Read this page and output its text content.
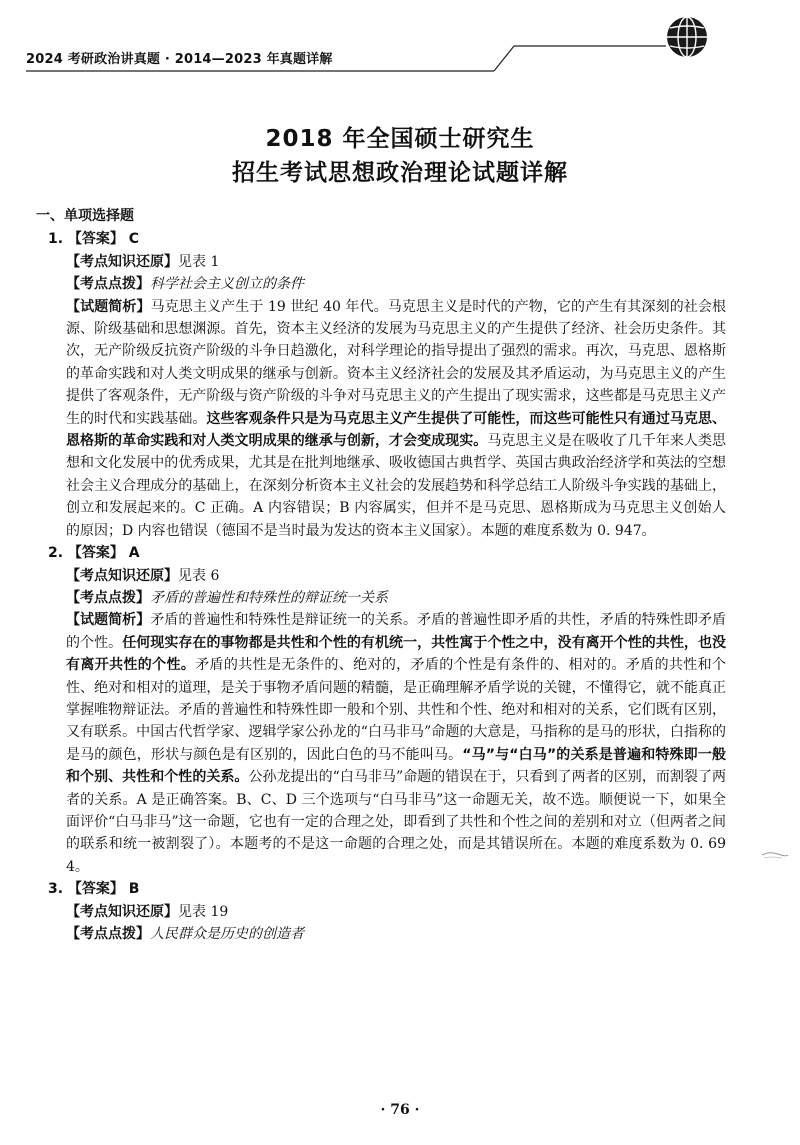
2024 考研政治讲真题 · 2014—2023 年真题详解
2018 年全国硕士研究生
招生考试思想政治理论试题详解
一、单项选择题
1. 【答案】 C
【考点知识还原】见表 1
【考点点拨】科学社会主义创立的条件
【试题简析】马克思主义产生于 19 世纪 40 年代。马克思主义是时代的产物，它的产生有其深刻的社会根源、阶级基础和思想渊源。首先，资本主义经济的发展为马克思主义的产生提供了经济、社会历史条件。其次，无产阶级反抗资产阶级的斗争日趋激化，对科学理论的指导提出了强烈的需求。再次，马克思、恩格斯的革命实践和对人类文明成果的继承与创新。资本主义经济社会的发展及其矛盾运动，为马克思主义的产生提供了客观条件，无产阶级与资产阶级的斗争对马克思主义的产生提出了现实需求，这些都是马克思主义产生的时代和实践基础。这些客观条件只是为马克思主义产生提供了可能性，而这些可能性只有通过马克思、恩格斯的革命实践和对人类文明成果的继承与创新，才会变成现实。马克思主义是在吸收了几千年来人类思想和文化发展中的优秀成果，尤其是在批判地继承、吸收德国古典哲学、英国古典政治经济学和英法的空想社会主义合理成分的基础上，在深刻分析资本主义社会的发展趋势和科学总结工人阶级斗争实践的基础上，创立和发展起来的。C 正确。A 内容错误；B 内容属实，但并不是马克思、恩格斯成为马克思主义创始人的原因；D 内容也错误（德国不是当时最为发达的资本主义国家）。本题的难度系数为 0. 947。
2. 【答案】 A
【考点知识还原】见表 6
【考点点拨】矛盾的普遍性和特殊性的辩证统一关系
【试题简析】矛盾的普遍性和特殊性是辩证统一的关系。矛盾的普遍性即矛盾的共性，矛盾的特殊性即矛盾的个性。任何现实存在的事物都是共性和个性的有机统一，共性寓于个性之中，没有离开个性的共性，也没有离开共性的个性。矛盾的共性是无条件的、绝对的，矛盾的个性是有条件的、相对的。矛盾的共性和个性、绝对和相对的道理，是关于事物矛盾问题的精髓，是正确理解矛盾学说的关键，不懂得它，就不能真正掌握唯物辩证法。矛盾的普遍性和特殊性即一般和个别、共性和个性、绝对和相对的关系，它们既有区别，又有联系。中国古代哲学家、逻辑学家公孙龙的“白马非马”命题的大意是，马指称的是马的形状，白指称的是马的颜色，形状与颜色是有区别的，因此白色的马不能叫马。“马”与“白马”的关系是普遍和特殊即一般和个别、共性和个性的关系。公孙龙提出的“白马非马”命题的错误在于，只看到了两者的区别，而割裂了两者的关系。A 是正确答案。B、C、D 三个选项与“白马非马”这一命题无关，故不选。顺便说一下，如果全面评价“白马非马”这一命题，它也有一定的合理之处，即看到了共性和个性之间的差别和对立（但两者之间的联系和统一被割裂了）。本题考的不是这一命题的合理之处，而是其错误所在。本题的难度系数为 0. 694。
3. 【答案】 B
【考点知识还原】见表 19
【考点点拨】人民群众是历史的创造者
· 76 ·
